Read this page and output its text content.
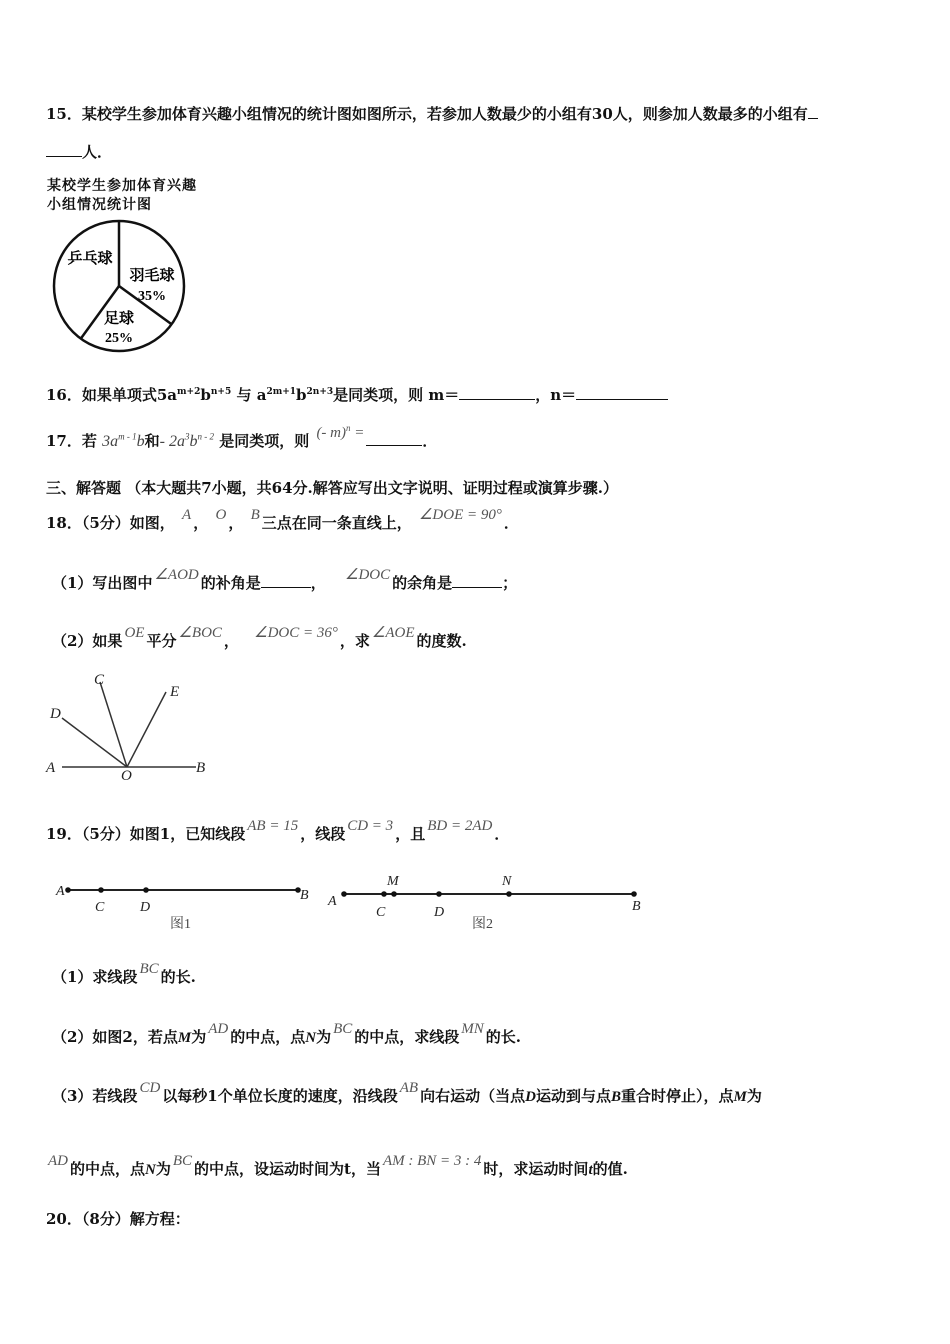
15．某校学生参加体育兴趣小组情况的统计图如图所示，若参加人数最少的小组有30人，则参加人数最多的小组有
人．
某校学生参加体育兴趣
小组情况统计图
乒乓球
羽毛球
35%
足球
25%
16．如果单项式$5a^{m+2}b^{n+5}$ 与 $a^{2m+1}b^{2n+3}$是同类项，则 m＝	，n＝
17．若 $3a^{m - 1}b$和- $2a^3b^{n - 2}$ 是同类项，则 (- m)$^n$ =	．
三、解答题 （本大题共7小题，共64分.解答应写出文字说明、证明过程或演算步骤.）
18．（5分）如图， A ， O ， B 三点在同一条直线上， ∠DOE = 90° ．
（1）写出图中 ∠AOD 的补角是	， ∠DOC 的余角是	；
（2）如果 OE 平分 ∠BOC ， ∠DOC = 36° ，求 ∠AOE 的度数.
C
E
D
A	O	B
19．（5分）如图1，已知线段 AB = 15 ，线段 CD = 3 ，且 BD = 2AD ．
A
C	D
B
图1
A
M
C	D
N
B
图2
（1）求线段 BC 的长.
（2）如图2，若点M为 AD 的中点，点N为 BC 的中点，求线段 MN 的长.
（3）若线段 CD 以每秒1个单位长度的速度，沿线段 AB 向右运动（当点D运动到与点B重合时停止），点M为
AD 的中点，点N为 BC 的中点，设运动时间为t，当 AM : BN = 3 : 4 时，求运动时间t的值.
20．（8分）解方程：
